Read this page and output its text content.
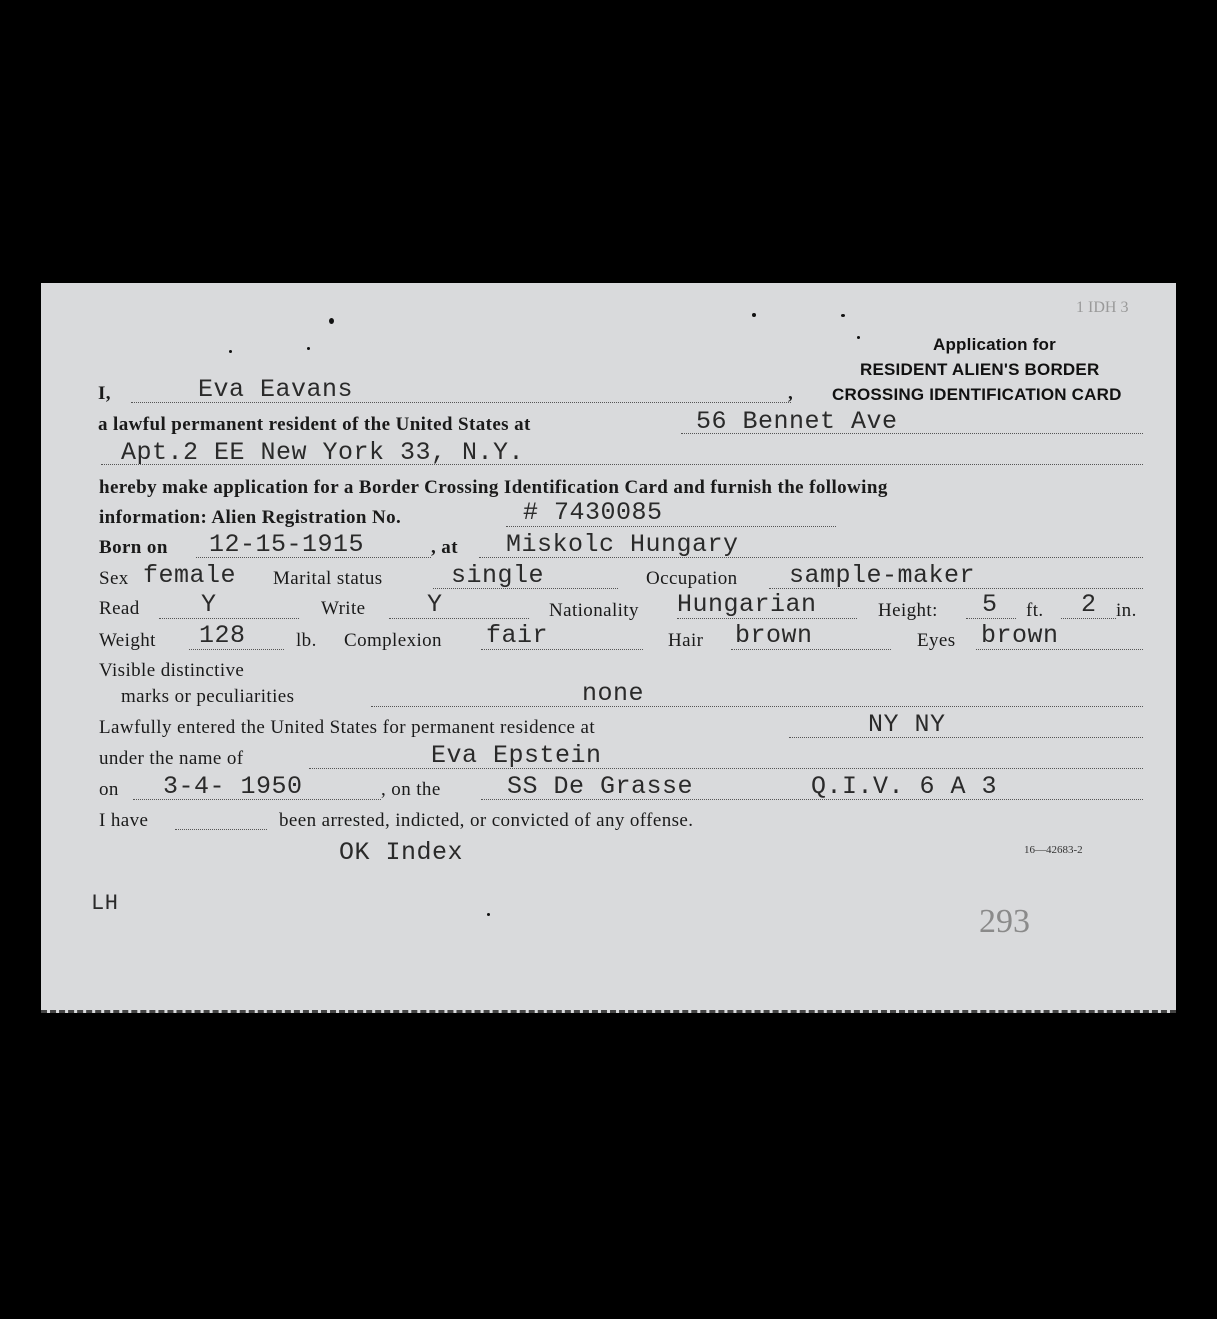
Application for
RESIDENT ALIEN'S BORDER
CROSSING IDENTIFICATION CARD
1 IDH 3
I,	Eva Eavans	,
a lawful permanent resident of the United States at	56 Bennet Ave
Apt.2 EE New York 33, N.Y.
hereby make application for a Border Crossing Identification Card and furnish the following
information: Alien Registration No.	# 7430085
Born on 12-15-1915	, at Miskolc Hungary
Sex female Marital status	single	Occupation sample-maker
Read Y	Write Y	Nationality Hungarian	Height: 5 ft. 2 in.
Weight 128	lb. Complexion fair	Hair brown	Eyes brown
Visible distinctive
marks or peculiarities	none
Lawfully entered the United States for permanent residence at	NY NY
under the name of	Eva Epstein
on 3-4- 1950	, on the	SS De Grasse	Q.I.V. 6 A 3
I have	been arrested, indicted, or convicted of any offense.
OK Index	16—42683-2
LH	293
